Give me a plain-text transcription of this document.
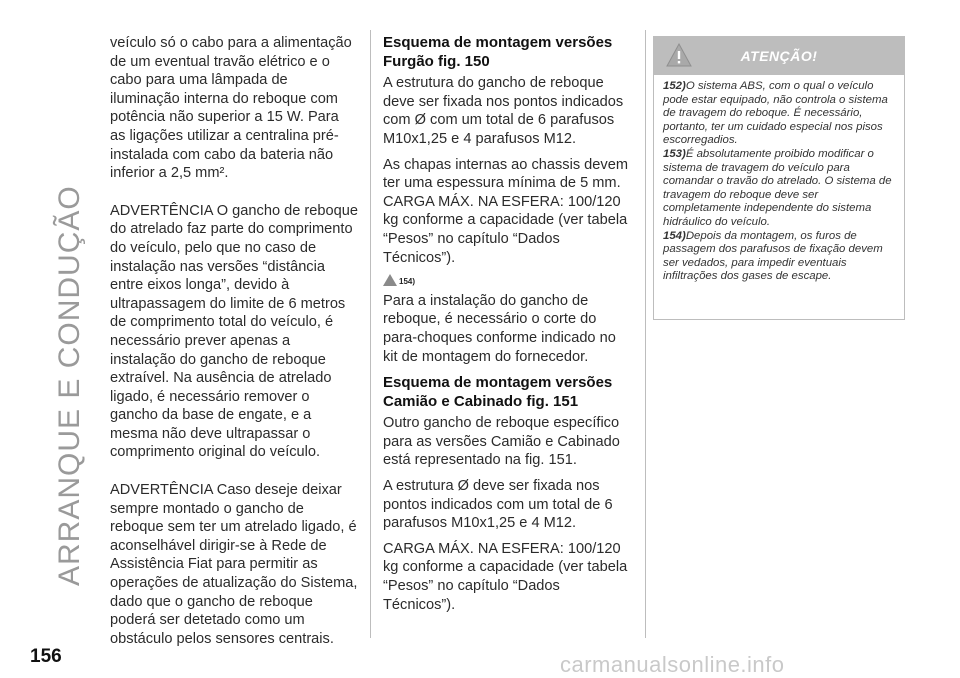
ARRANQUE E CONDUÇÃO

veículo só o cabo para a alimentação de um eventual travão elétrico e o cabo para uma lâmpada de iluminação interna do reboque com potência não superior a 15 W. Para as ligações utilizar a centralina pré-instalada com cabo da bateria não inferior a 2,5 mm².

ADVERTÊNCIA O gancho de reboque do atrelado faz parte do comprimento do veículo, pelo que no caso de instalação nas versões “distância entre eixos longa”, devido à ultrapassagem do limite de 6 metros de comprimento total do veículo, é necessário prever apenas a instalação do gancho de reboque extraível. Na ausência de atrelado ligado, é necessário remover o gancho da base de engate, e a mesma não deve ultrapassar o comprimento original do veículo.

ADVERTÊNCIA Caso deseje deixar sempre montado o gancho de reboque sem ter um atrelado ligado, é aconselhável dirigir-se à Rede de Assistência Fiat para permitir as operações de atualização do Sistema, dado que o gancho de reboque poderá ser detetado como um obstáculo pelos sensores centrais.

Esquema de montagem versões Furgão fig. 150

A estrutura do gancho de reboque deve ser fixada nos pontos indicados com Ø com um total de 6 parafusos M10x1,25 e 4 parafusos M12.

As chapas internas ao chassis devem ter uma espessura mínima de 5 mm. CARGA MÁX. NA ESFERA: 100/120 kg conforme a capacidade (ver tabela “Pesos” no capítulo “Dados Técnicos”).

154)

Para a instalação do gancho de reboque, é necessário o corte do para-choques conforme indicado no kit de montagem do fornecedor.

Esquema de montagem versões Camião e Cabinado fig. 151

Outro gancho de reboque específico para as versões Camião e Cabinado está representado na fig. 151.

A estrutura Ø deve ser fixada nos pontos indicados com um total de 6 parafusos M10x1,25 e 4 M12.

CARGA MÁX. NA ESFERA: 100/120 kg conforme a capacidade (ver tabela “Pesos” no capítulo “Dados Técnicos”).

ATENÇÃO!

152)O sistema ABS, com o qual o veículo pode estar equipado, não controla o sistema de travagem do reboque. É necessário, portanto, ter um cuidado especial nos pisos escorregadios.

153)É absolutamente proibido modificar o sistema de travagem do veículo para comandar o travão do atrelado. O sistema de travagem do reboque deve ser completamente independente do sistema hidráulico do veículo.

154)Depois da montagem, os furos de passagem dos parafusos de fixação devem ser vedados, para impedir eventuais infiltrações dos gases de escape.

156	carmanualsonline.info
